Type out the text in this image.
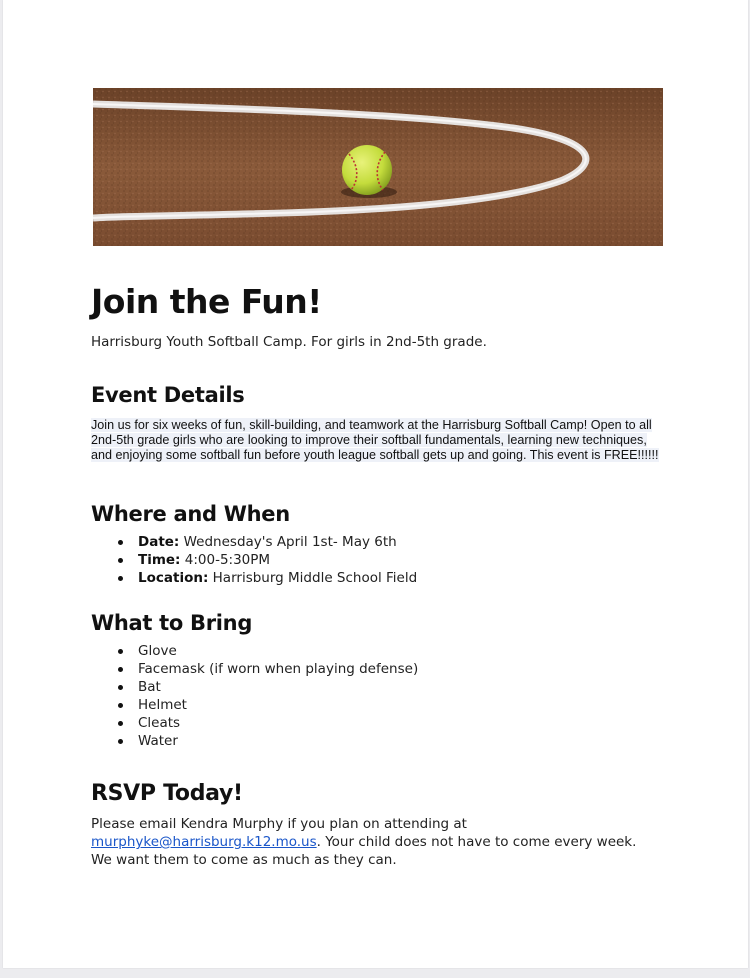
Join the Fun!

Harrisburg Youth Softball Camp. For girls in 2nd-5th grade.

Event Details

Join us for six weeks of fun, skill-building, and teamwork at the Harrisburg Softball Camp! Open to all 2nd-5th grade girls who are looking to improve their softball fundamentals, learning new techniques, and enjoying some softball fun before youth league softball gets up and going. This event is FREE!!!!!!

Where and When
Date: Wednesday's April 1st- May 6th
Time: 4:00-5:30PM
Location: Harrisburg Middle School Field
What to Bring
Glove
Facemask (if worn when playing defense)
Bat
Helmet
Cleats
Water
RSVP Today!

Please email Kendra Murphy if you plan on attending at murphyke@harrisburg.k12.mo.us. Your child does not have to come every week. We want them to come as much as they can.
